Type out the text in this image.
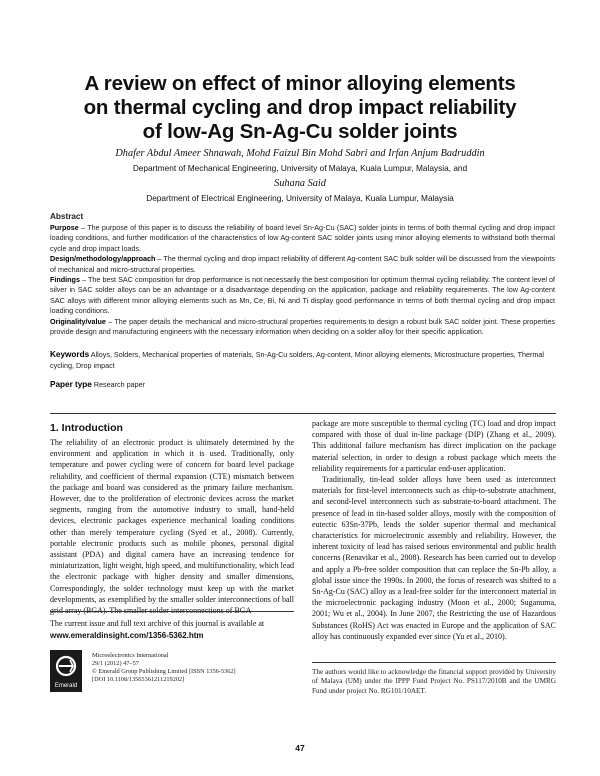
A review on effect of minor alloying elements
on thermal cycling and drop impact reliability
of low-Ag Sn-Ag-Cu solder joints
Dhafer Abdul Ameer Shnawah, Mohd Faizul Bin Mohd Sabri and Irfan Anjum Badruddin
Department of Mechanical Engineering, University of Malaya, Kuala Lumpur, Malaysia, and
Suhana Said
Department of Electrical Engineering, University of Malaya, Kuala Lumpur, Malaysia
Abstract

Purpose – The purpose of this paper is to discuss the reliability of board level Sn-Ag-Cu (SAC) solder joints in terms of both thermal cycling and drop impact loading conditions, and further modification of the characteristics of low Ag-content SAC solder joints using minor alloying elements to withstand both thermal cycle and drop impact loads.

Design/methodology/approach – The thermal cycling and drop impact reliability of different Ag-content SAC bulk solder will be discussed from the viewpoints of mechanical and micro-structural properties.

Findings – The best SAC composition for drop performance is not necessarily the best composition for optimum thermal cycling reliability. The content level of silver in SAC solder alloys can be an advantage or a disadvantage depending on the application, package and reliability requirements. The low Ag-content SAC alloys with different minor alloying elements such as Mn, Ce, Bi, Ni and Ti display good performance in terms of both thermal cycling and drop impact loading conditions.

Originality/value – The paper details the mechanical and micro-structural properties requirements to design a robust bulk SAC solder joint. These properties provide design and manufacturing engineers with the necessary information when deciding on a solder alloy for their specific application.

Keywords Alloys, Solders, Mechanical properties of materials, Sn-Ag-Cu solders, Ag-content, Minor alloying elements, Microstructure properties, Thermal cycling, Drop impact
Paper type Research paper
1. Introduction

The reliability of an electronic product is ultimately determined by the environment and application in which it is used. Traditionally, only temperature and power cycling were of concern for board level package reliability, and coefficient of thermal expansion (CTE) mismatch between the package and board was considered as the primary failure mechanism. However, due to the proliferation of electronic devices across the market segments, ranging from the automotive industry to small, hand-held devices, electronic packages experience mechanical loading conditions other than merely temperature cycling (Syed et al., 2008). Currently, portable electronic products such as mobile phones, personal digital assistant (PDA) and digital camera have an increasing tendence for miniaturization, light weight, high speed, and multifunctionality, which lead the electronic package with higher density and smaller dimensions, Correspondingly, the solder technology must keep up with the market developments, as exemplified by the smaller solder interconnections of ball grid array (BGA). The smaller solder interconnections of BGA

package are more susceptible to thermal cycling (TC) load and drop impact compared with those of dual in-line package (DIP) (Zhang et al., 2009). This additional failure mechanism has direct implication on the package material selection, in order to design a robust package which meets the reliability requirements for a particular end-user application.

Traditionally, tin-lead solder alloys have been used as interconnect materials for first-level interconnects such as chip-to-substrate attachment, and second-level interconnects such as substrate-to-board attachment. The presence of lead in tin-based solder alloys, mostly with the composition of eutectic 63Sn-37Pb, lends the solder superior thermal and mechanical characteristics for microelectronic assembly and reliability. However, the inherent toxicity of lead has raised serious environmental and public health concerns (Renavikar et al., 2008). Research has been carried out to develop and apply a Pb-free solder composition that can replace the Sn-Pb alloy, a global issue since the 1990s. In 2000, the focus of research was shifted to a Sn-Ag-Cu (SAC) alloy as a lead-free solder for the interconnect material in the microelectronic packaging industry (Moon et al., 2000; Suganuma, 2001; Wu et al., 2004). In June 2007, the Restricting the use of Hazardous Substances (RoHS) Act was enacted in Europe and the application of SAC alloy has continuously expanded ever since (Yu et al., 2010).

The current issue and full text archive of this journal is available at
www.emeraldinsight.com/1356-5362.htm
Emerald
Microelectronics International
29/1 (2012) 47–57
© Emerald Group Publishing Limited [ISSN 1356-5362]
[DOI 10.1108/13565361211219202]
The authors would like to acknowledge the financial support provided by University of Malaya (UM) under the IPPP Fund Project No. PS117/2010B and the UMRG Fund under project No. RG101/10AET.
47
